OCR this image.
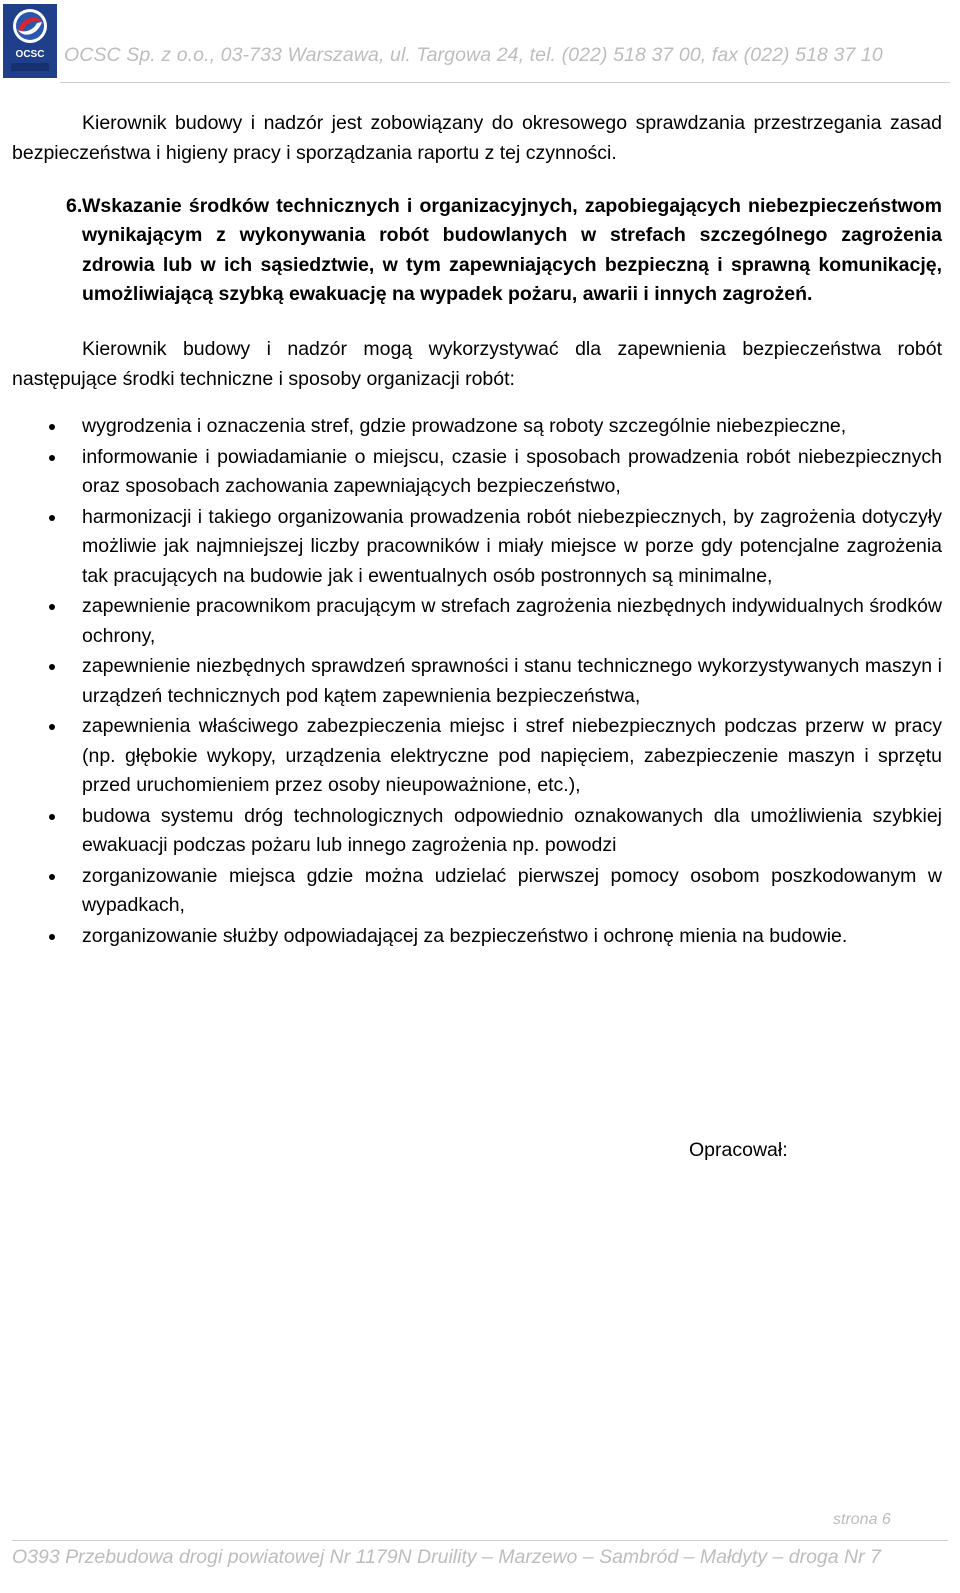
OCSC OCSC Sp. z o.o., 03-733 Warszawa, ul. Targowa 24, tel. (022) 518 37 00, fax (022) 518 37 10

Kierownik budowy i nadzór jest zobowiązany do okresowego sprawdzania przestrzegania zasad bezpieczeństwa i higieny pracy i sporządzania raportu z tej czynności.

6. Wskazanie środków technicznych i organizacyjnych, zapobiegających niebezpieczeństwom wynikającym z wykonywania robót budowlanych w strefach szczególnego zagrożenia zdrowia lub w ich sąsiedztwie, w tym zapewniających bezpieczną i sprawną komunikację, umożliwiającą szybką ewakuację na wypadek pożaru, awarii i innych zagrożeń.

Kierownik budowy i nadzór mogą wykorzystywać dla zapewnienia bezpieczeństwa robót następujące środki techniczne i sposoby organizacji robót:

wygrodzenia i oznaczenia stref, gdzie prowadzone są roboty szczególnie niebezpieczne,
informowanie i powiadamianie o miejscu, czasie i sposobach prowadzenia robót niebezpiecznych oraz sposobach zachowania zapewniających bezpieczeństwo,
harmonizacji i takiego organizowania prowadzenia robót niebezpiecznych, by zagrożenia dotyczyły możliwie jak najmniejszej liczby pracowników i miały miejsce w porze gdy potencjalne zagrożenia tak pracujących na budowie jak i ewentualnych osób postronnych są minimalne,
zapewnienie pracownikom pracującym w strefach zagrożenia niezbędnych indywidualnych środków ochrony,
zapewnienie niezbędnych sprawdzeń sprawności i stanu technicznego wykorzystywanych maszyn i urządzeń technicznych pod kątem zapewnienia bezpieczeństwa,
zapewnienia właściwego zabezpieczenia miejsc i stref niebezpiecznych podczas przerw w pracy (np. głębokie wykopy, urządzenia elektryczne pod napięciem, zabezpieczenie maszyn i sprzętu przed uruchomieniem przez osoby nieupoważnione, etc.),
budowa systemu dróg technologicznych odpowiednio oznakowanych dla umożliwienia szybkiej ewakuacji podczas pożaru lub innego zagrożenia np. powodzi
zorganizowanie miejsca gdzie można udzielać pierwszej pomocy osobom poszkodowanym w wypadkach,
zorganizowanie służby odpowiadającej za bezpieczeństwo i ochronę mienia na budowie.
Opracował:
strona 6
O393 Przebudowa drogi powiatowej Nr 1179N Druility – Marzewo – Sambród – Małdyty – droga Nr 7
